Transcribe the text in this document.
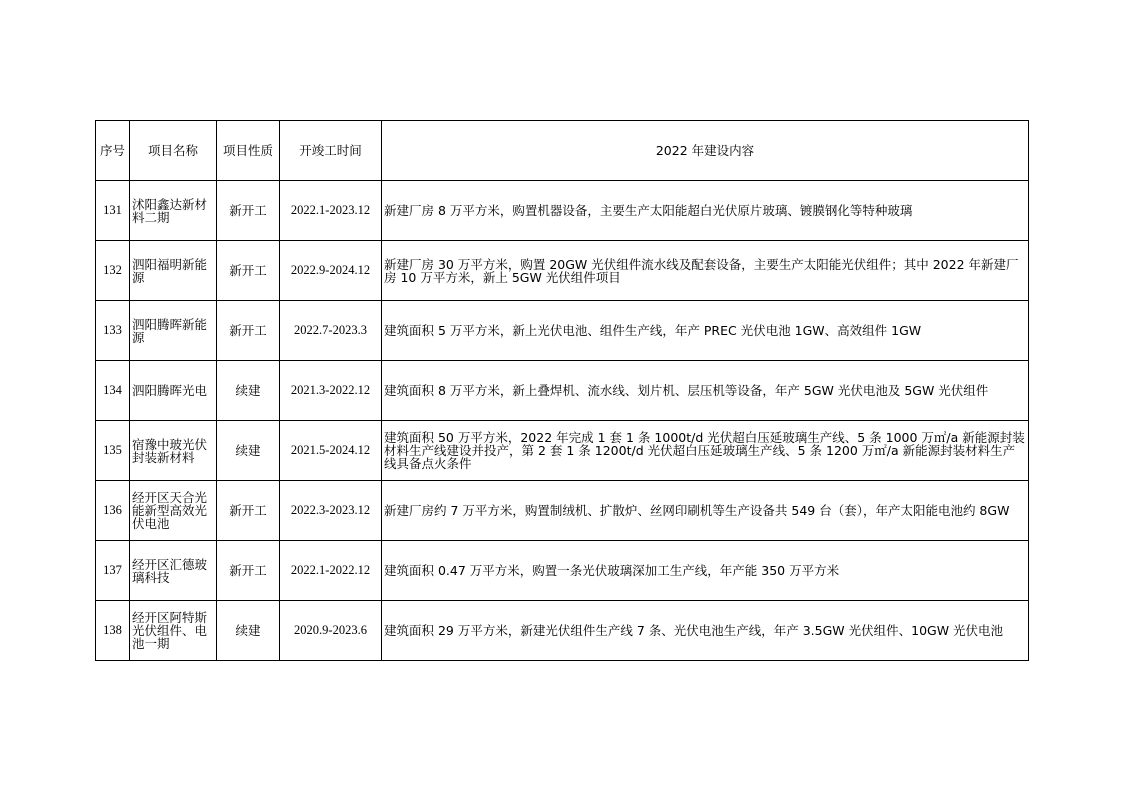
序号	项目名称	项目性质	开竣工时间	2022 年建设内容
131	沭阳鑫达新材料二期	新开工	2022.1-2023.12	新建厂房 8 万平方米，购置机器设备，主要生产太阳能超白光伏原片玻璃、镀膜钢化等特种玻璃
132	泗阳福明新能源	新开工	2022.9-2024.12	新建厂房 30 万平方米，购置 20GW 光伏组件流水线及配套设备，主要生产太阳能光伏组件；其中 2022 年新建厂房 10 万平方米，新上 5GW 光伏组件项目
133	泗阳腾晖新能源	新开工	2022.7-2023.3	建筑面积 5 万平方米，新上光伏电池、组件生产线，年产 PREC 光伏电池 1GW、高效组件 1GW
134	泗阳腾晖光电	续建	2021.3-2022.12	建筑面积 8 万平方米，新上叠焊机、流水线、划片机、层压机等设备，年产 5GW 光伏电池及 5GW 光伏组件
135	宿豫中玻光伏封装新材料	续建	2021.5-2024.12	建筑面积 50 万平方米，2022 年完成 1 套 1 条 1000t/d 光伏超白压延玻璃生产线、5 条 1000 万㎡/a 新能源封装材料生产线建设并投产，第 2 套 1 条 1200t/d 光伏超白压延玻璃生产线、5 条 1200 万㎡/a 新能源封装材料生产线具备点火条件
136	经开区天合光能新型高效光伏电池	新开工	2022.3-2023.12	新建厂房约 7 万平方米，购置制绒机、扩散炉、丝网印刷机等生产设备共 549 台（套），年产太阳能电池约 8GW
137	经开区汇德玻璃科技	新开工	2022.1-2022.12	建筑面积 0.47 万平方米，购置一条光伏玻璃深加工生产线，年产能 350 万平方米
138	经开区阿特斯光伏组件、电池一期	续建	2020.9-2023.6	建筑面积 29 万平方米，新建光伏组件生产线 7 条、光伏电池生产线，年产 3.5GW 光伏组件、10GW 光伏电池
